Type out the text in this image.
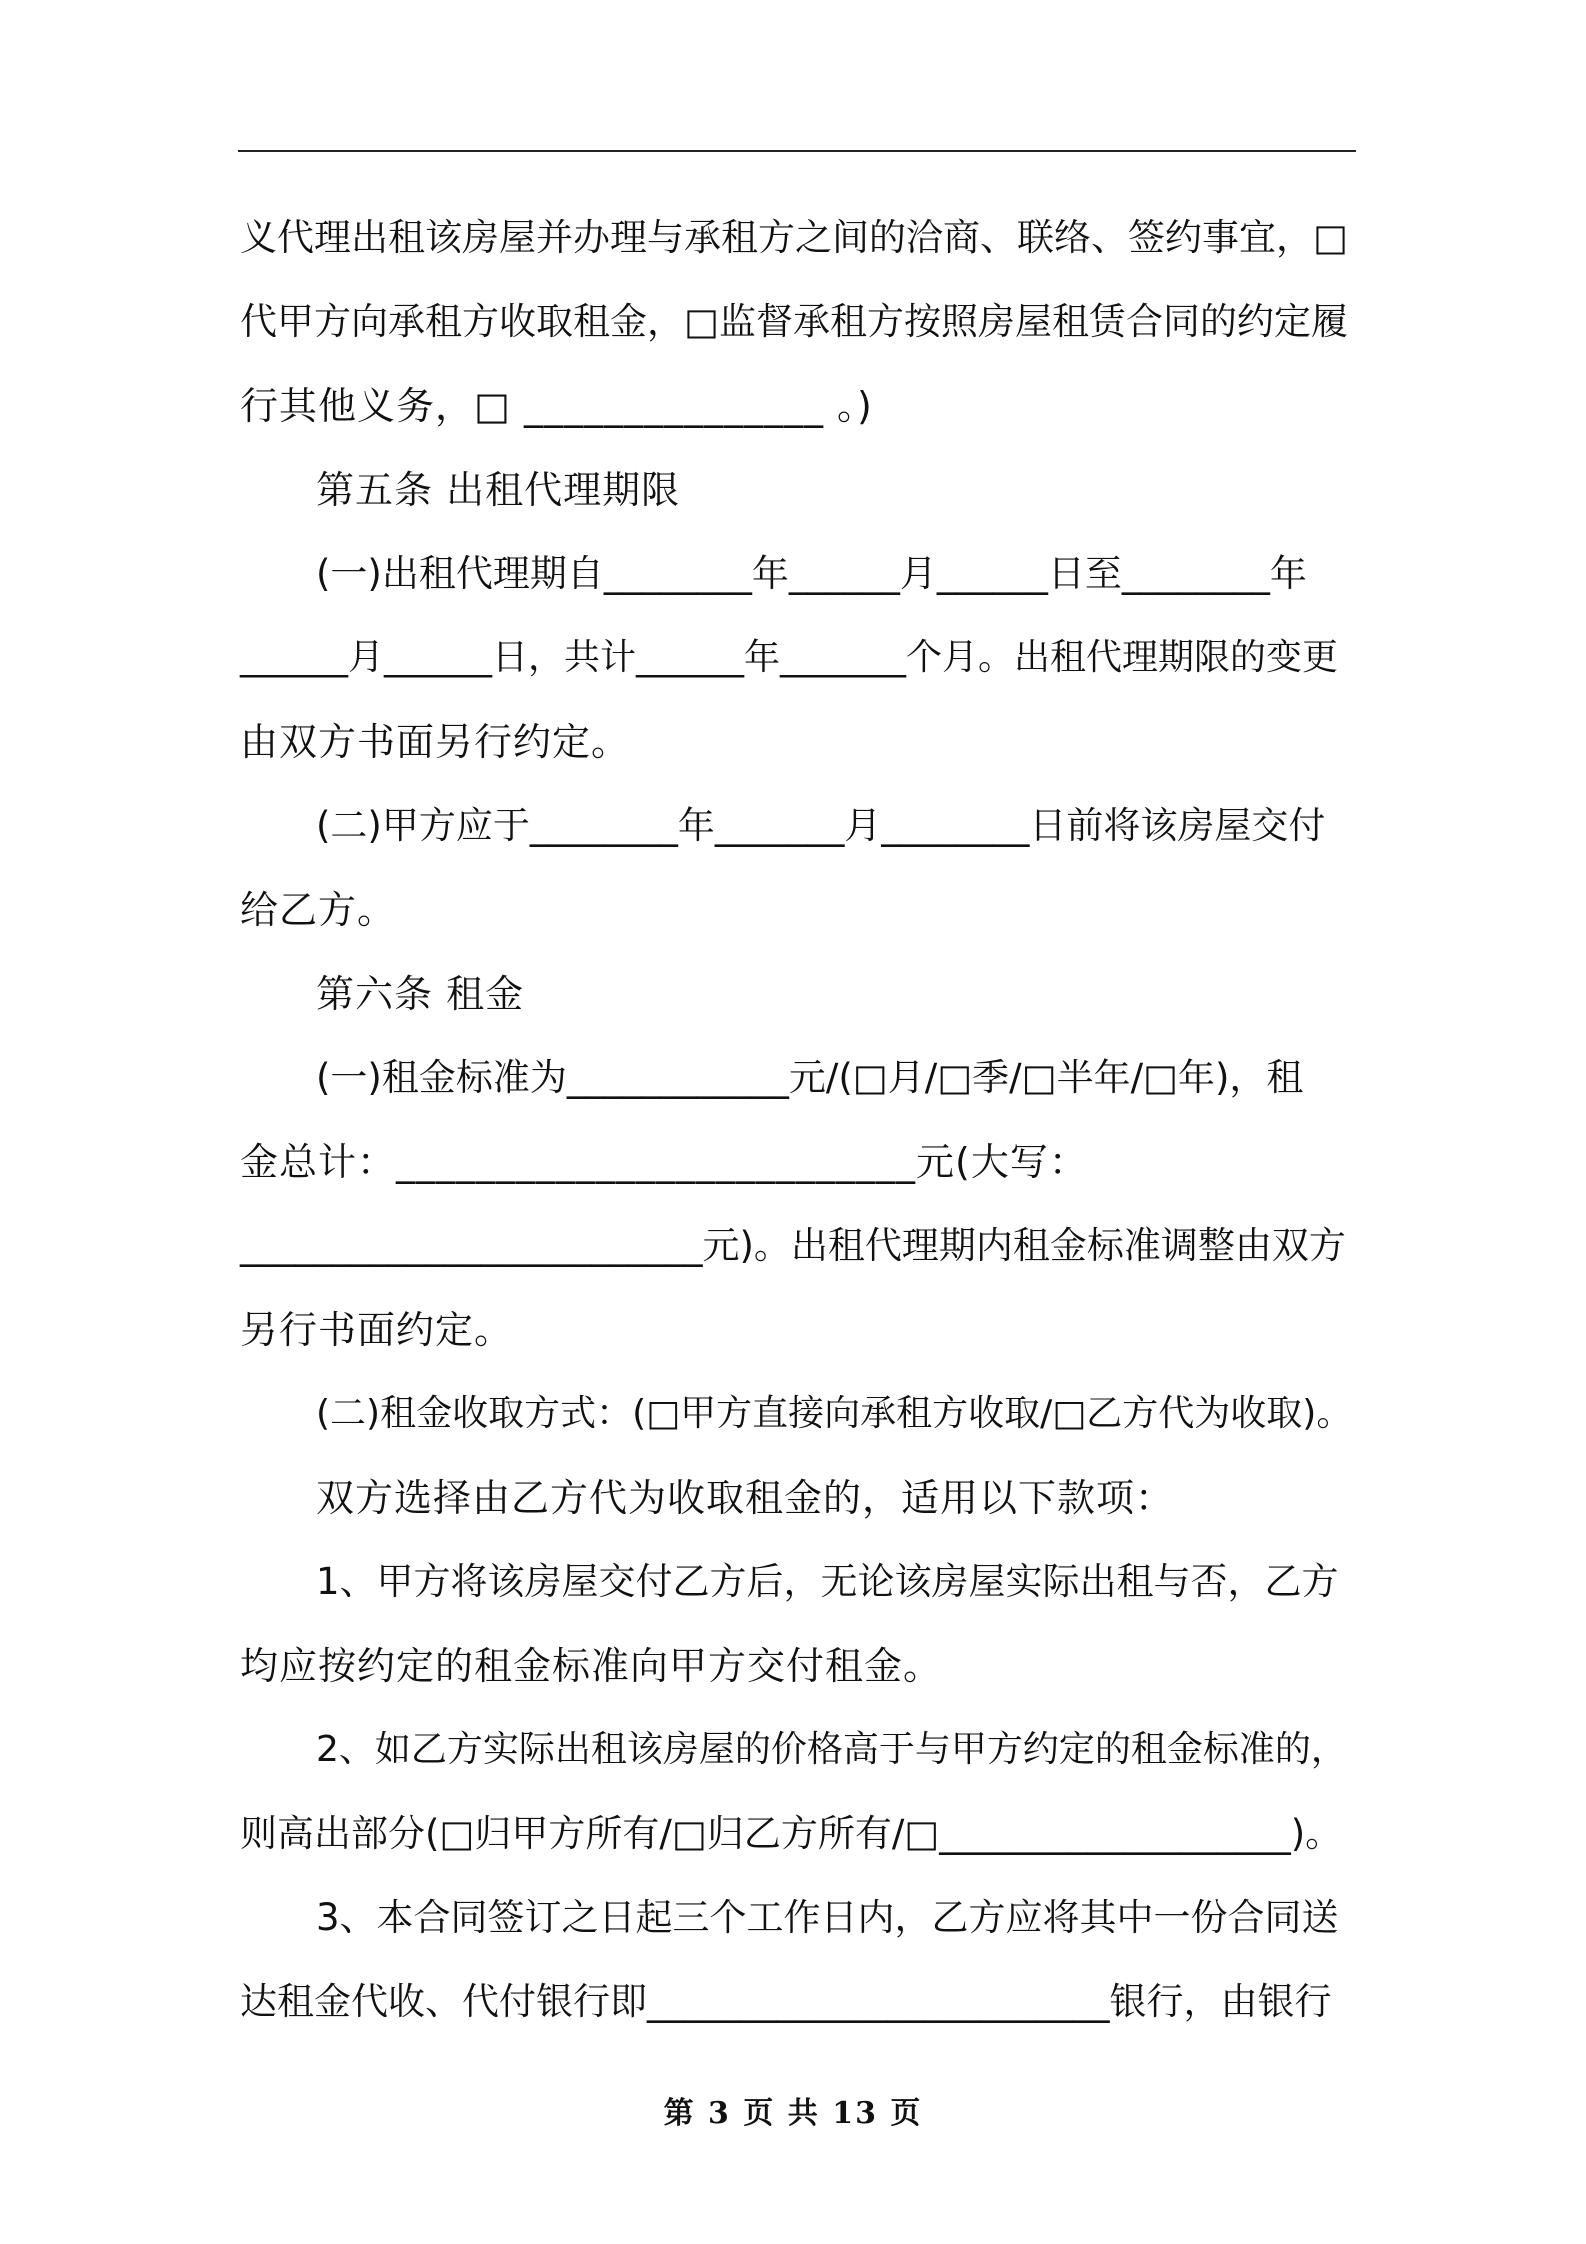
义代理出租该房屋并办理与承租方之间的洽商、联络、签约事宜，□
代甲方向承租方收取租金，□监督承租方按照房屋租赁合同的约定履
行其他义务，□ _______________ 。)
第五条 出租代理期限
(一)出租代理期自________年______月______日至________年
______月______日，共计______年_______个月。出租代理期限的变更
由双方书面另行约定。
(二)甲方应于________年_______月________日前将该房屋交付
给乙方。
第六条 租金
(一)租金标准为____________元/(□月/□季/□半年/□年)，租
金总计：__________________________元(大写：
_________________________元)。出租代理期内租金标准调整由双方
另行书面约定。
(二)租金收取方式：(□甲方直接向承租方收取/□乙方代为收取)。
双方选择由乙方代为收取租金的，适用以下款项：
1、甲方将该房屋交付乙方后，无论该房屋实际出租与否，乙方
均应按约定的租金标准向甲方交付租金。
2、如乙方实际出租该房屋的价格高于与甲方约定的租金标准的，
则高出部分(□归甲方所有/□归乙方所有/□___________________)。
3、本合同签订之日起三个工作日内，乙方应将其中一份合同送
达租金代收、代付银行即_________________________银行，由银行
第 3 页 共 13 页
